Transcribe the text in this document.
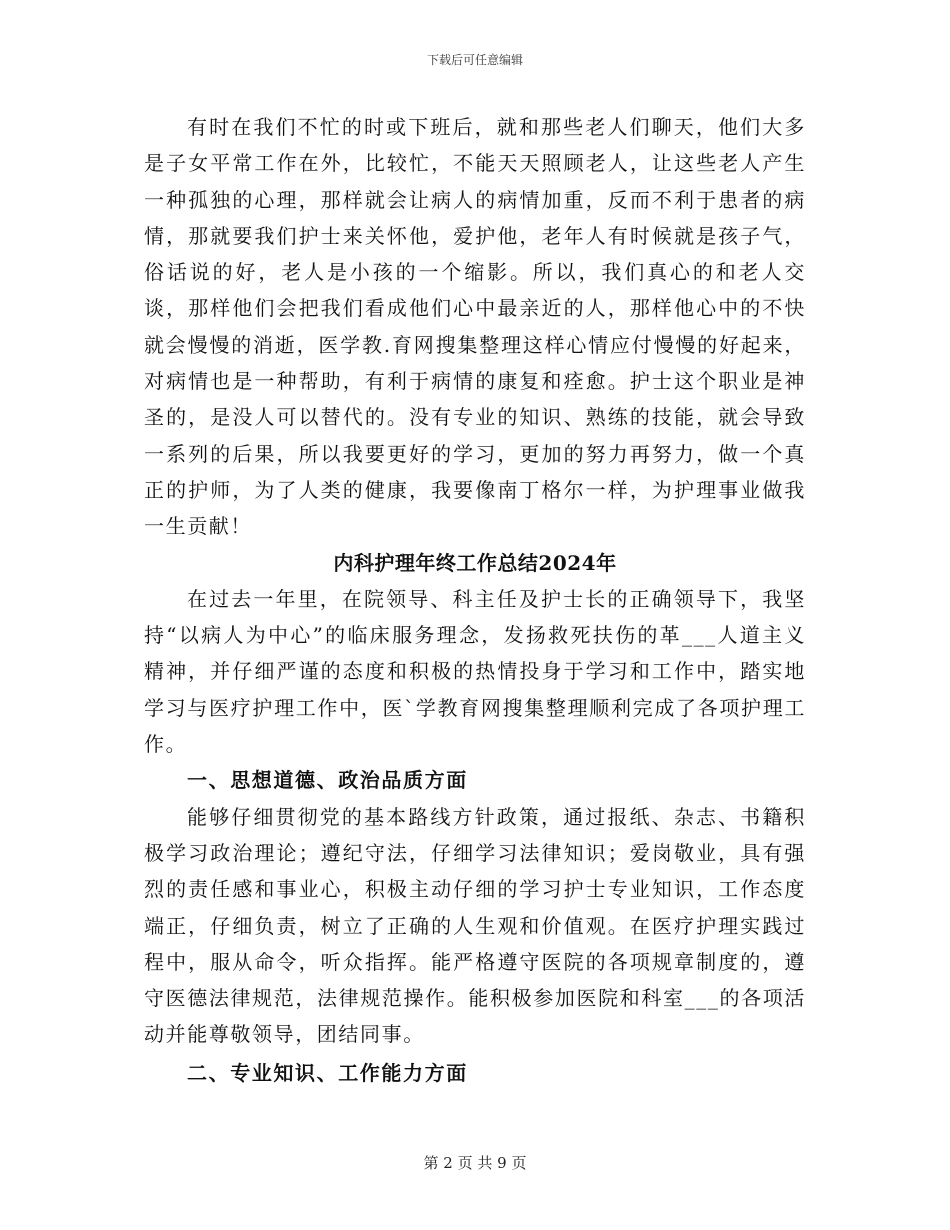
下载后可任意编辑

有时在我们不忙的时或下班后，就和那些老人们聊天，他们大多是子女平常工作在外，比较忙，不能天天照顾老人，让这些老人产生一种孤独的心理，那样就会让病人的病情加重，反而不利于患者的病情，那就要我们护士来关怀他，爱护他，老年人有时候就是孩子气，俗话说的好，老人是小孩的一个缩影。所以，我们真心的和老人交谈，那样他们会把我们看成他们心中最亲近的人，那样他心中的不快就会慢慢的消逝，医学教.育网搜集整理这样心情应付慢慢的好起来，对病情也是一种帮助，有利于病情的康复和痊愈。护士这个职业是神圣的，是没人可以替代的。没有专业的知识、熟练的技能，就会导致一系列的后果，所以我要更好的学习，更加的努力再努力，做一个真正的护师，为了人类的健康，我要像南丁格尔一样，为护理事业做我一生贡献！

内科护理年终工作总结2024年

在过去一年里，在院领导、科主任及护士长的正确领导下，我坚持“以病人为中心”的临床服务理念，发扬救死扶伤的革___人道主义精神，并仔细严谨的态度和积极的热情投身于学习和工作中，踏实地学习与医疗护理工作中，医`学教育网搜集整理顺利完成了各项护理工作。

一、思想道德、政治品质方面

能够仔细贯彻党的基本路线方针政策，通过报纸、杂志、书籍积极学习政治理论；遵纪守法，仔细学习法律知识；爱岗敬业，具有强烈的责任感和事业心，积极主动仔细的学习护士专业知识，工作态度端正，仔细负责，树立了正确的人生观和价值观。在医疗护理实践过程中，服从命令，听众指挥。能严格遵守医院的各项规章制度的，遵守医德法律规范，法律规范操作。能积极参加医院和科室___的各项活动并能尊敬领导，团结同事。

二、专业知识、工作能力方面

第 2 页 共 9 页
